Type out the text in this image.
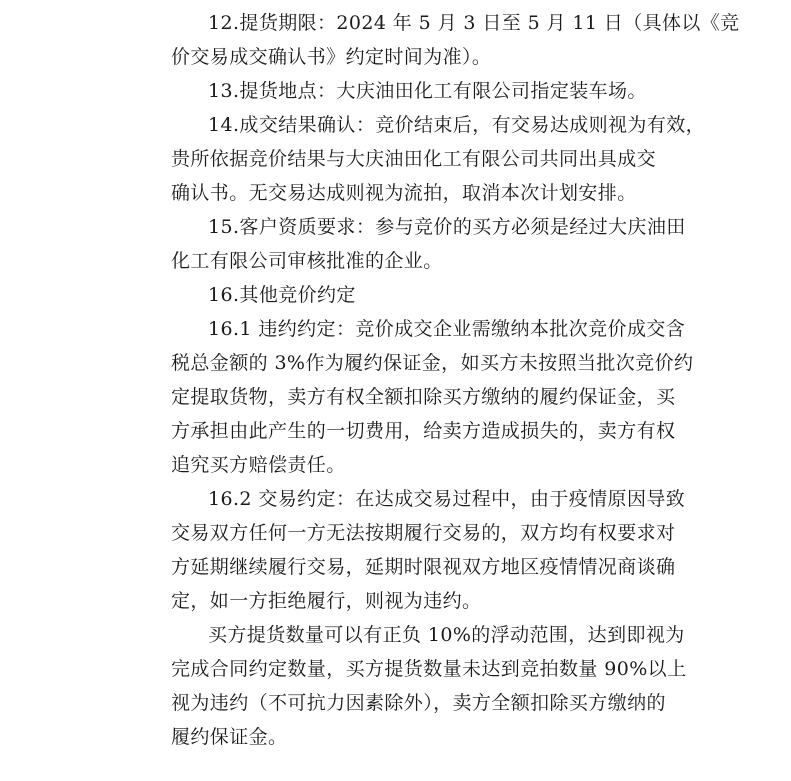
12.提货期限：2024 年 5 月 3 日至 5 月 11 日（具体以《竞
价交易成交确认书》约定时间为准）。
13.提货地点：大庆油田化工有限公司指定装车场。
14.成交结果确认：竞价结束后，有交易达成则视为有效，
贵所依据竞价结果与大庆油田化工有限公司共同出具成交
确认书。无交易达成则视为流拍，取消本次计划安排。
15.客户资质要求：参与竞价的买方必须是经过大庆油田
化工有限公司审核批准的企业。
16.其他竞价约定
16.1 违约约定：竞价成交企业需缴纳本批次竞价成交含
税总金额的 3%作为履约保证金，如买方未按照当批次竞价约
定提取货物，卖方有权全额扣除买方缴纳的履约保证金，买
方承担由此产生的一切费用，给卖方造成损失的，卖方有权
追究买方赔偿责任。
16.2 交易约定：在达成交易过程中，由于疫情原因导致
交易双方任何一方无法按期履行交易的，双方均有权要求对
方延期继续履行交易，延期时限视双方地区疫情情况商谈确
定，如一方拒绝履行，则视为违约。
买方提货数量可以有正负 10%的浮动范围，达到即视为
完成合同约定数量，买方提货数量未达到竞拍数量 90%以上
视为违约（不可抗力因素除外），卖方全额扣除买方缴纳的
履约保证金。
